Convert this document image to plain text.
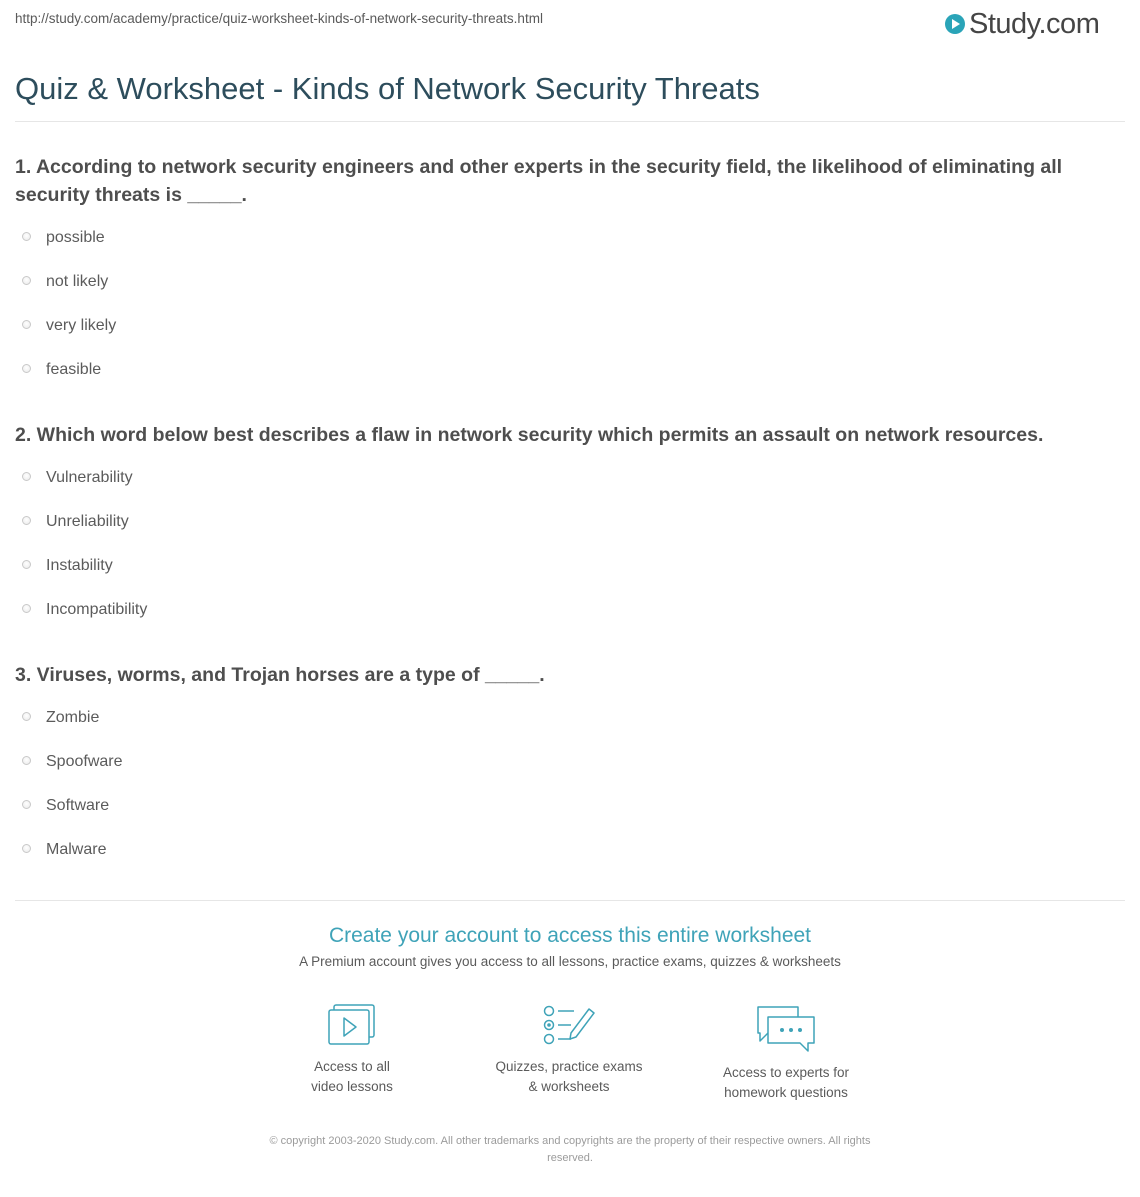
http://study.com/academy/practice/quiz-worksheet-kinds-of-network-security-threats.html	Study.com
Quiz & Worksheet - Kinds of Network Security Threats
1. According to network security engineers and other experts in the security field, the likelihood of eliminating all security threats is _____.
possible
not likely
very likely
feasible
2. Which word below best describes a flaw in network security which permits an assault on network resources.
Vulnerability
Unreliability
Instability
Incompatibility
3. Viruses, worms, and Trojan horses are a type of _____.
Zombie
Spoofware
Software
Malware
Create your account to access this entire worksheet
A Premium account gives you access to all lessons, practice exams, quizzes & worksheets
Access to all
video lessons
Quizzes, practice exams
& worksheets
Access to experts for
homework questions
© copyright 2003-2020 Study.com. All other trademarks and copyrights are the property of their respective owners. All rights
reserved.
